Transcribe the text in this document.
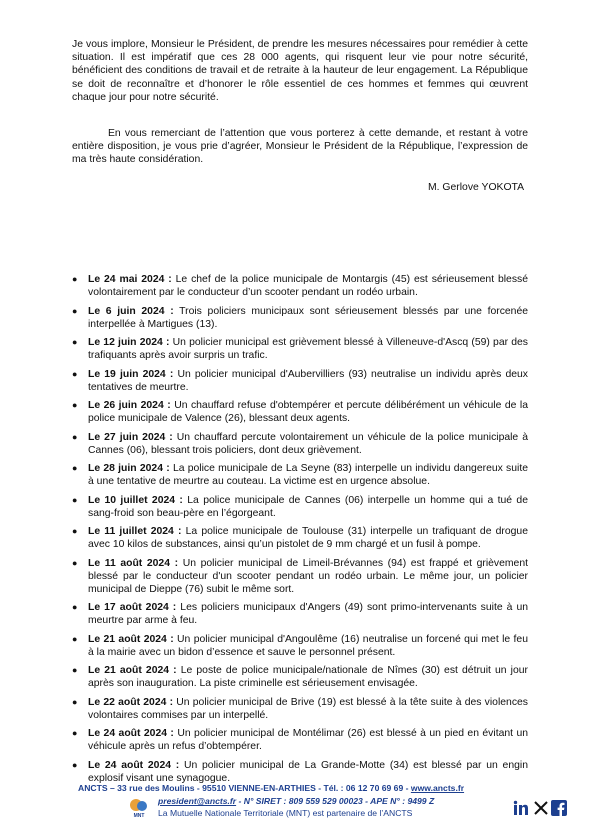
Je vous implore, Monsieur le Président, de prendre les mesures nécessaires pour remédier à cette situation. Il est impératif que ces 28 000 agents, qui risquent leur vie pour notre sécurité, bénéficient des conditions de travail et de retraite à la hauteur de leur engagement. La République se doit de reconnaître et d’honorer le rôle essentiel de ces hommes et femmes qui œuvrent chaque jour pour notre sécurité.

En vous remerciant de l’attention que vous porterez à cette demande, et restant à votre entière disposition, je vous prie d’agréer, Monsieur le Président de la République, l’expression de ma très haute considération.

M. Gerlove YOKOTA

● Le 24 mai 2024 : Le chef de la police municipale de Montargis (45) est sérieusement blessé volontairement par le conducteur d’un scooter pendant un rodéo urbain.
● Le 6 juin 2024 : Trois policiers municipaux sont sérieusement blessés par une forcenée interpellée à Martigues (13).
● Le 12 juin 2024 : Un policier municipal est grièvement blessé à Villeneuve-d'Ascq (59) par des trafiquants après avoir surpris un trafic.
● Le 19 juin 2024 : Un policier municipal d'Aubervilliers (93) neutralise un individu après deux tentatives de meurtre.
● Le 26 juin 2024 : Un chauffard refuse d'obtempérer et percute délibérément un véhicule de la police municipale de Valence (26), blessant deux agents.
● Le 27 juin 2024 : Un chauffard percute volontairement un véhicule de la police municipale à Cannes (06), blessant trois policiers, dont deux grièvement.
● Le 28 juin 2024 : La police municipale de La Seyne (83) interpelle un individu dangereux suite à une tentative de meurtre au couteau. La victime est en urgence absolue.
● Le 10 juillet 2024 : La police municipale de Cannes (06) interpelle un homme qui a tué de sang-froid son beau-père en l’égorgeant.
● Le 11 juillet 2024 : La police municipale de Toulouse (31) interpelle un trafiquant de drogue avec 10 kilos de substances, ainsi qu’un pistolet de 9 mm chargé et un fusil à pompe.
● Le 11 août 2024 : Un policier municipal de Limeil-Brévannes (94) est frappé et grièvement blessé par le conducteur d'un scooter pendant un rodéo urbain. Le même jour, un policier municipal de Dieppe (76) subit le même sort.
● Le 17 août 2024 : Les policiers municipaux d'Angers (49) sont primo-intervenants suite à un meurtre par arme à feu.
● Le 21 août 2024 : Un policier municipal d'Angoulême (16) neutralise un forcené qui met le feu à la mairie avec un bidon d’essence et sauve le personnel présent.
● Le 21 août 2024 : Le poste de police municipale/nationale de Nîmes (30) est détruit un jour après son inauguration. La piste criminelle est sérieusement envisagée.
● Le 22 août 2024 : Un policier municipal de Brive (19) est blessé à la tête suite à des violences volontaires commises par un interpellé.
● Le 24 août 2024 : Un policier municipal de Montélimar (26) est blessé à un pied en évitant un véhicule après un refus d’obtempérer.
● Le 24 août 2024 : Un policier municipal de La Grande-Motte (34) est blessé par un engin explosif visant une synagogue.

ANCTS – 33 rue des Moulins - 95510 VIENNE-EN-ARTHIES - Tél. : 06 12 70 69 69 - www.ancts.fr

MNT

president@ancts.fr - N° SIRET : 809 559 529 00023 - APE N° : 9499 Z

La Mutuelle Nationale Territoriale (MNT) est partenaire de l’ANCTS
